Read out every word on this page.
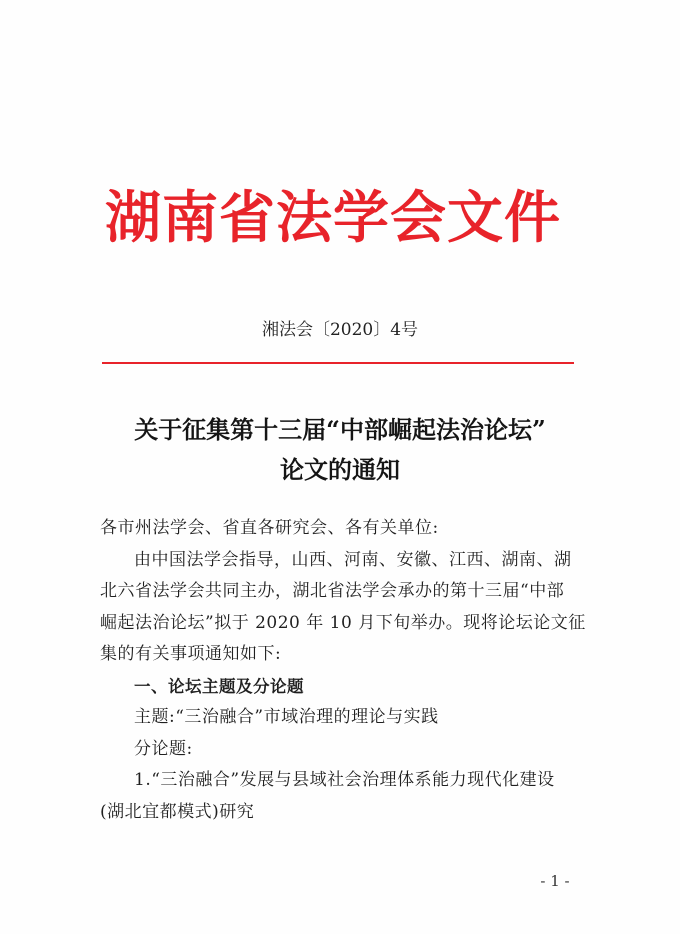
湖南省法学会文件
湘法会〔2020〕4号
关于征集第十三届“中部崛起法治论坛”
论文的通知
各市州法学会、省直各研究会、各有关单位:
由中国法学会指导，山西、河南、安徽、江西、湖南、湖
北六省法学会共同主办，湖北省法学会承办的第十三届“中部
崛起法治论坛”拟于 2020 年 10 月下旬举办。现将论坛论文征
集的有关事项通知如下:
一、论坛主题及分论题
主题:“三治融合”市域治理的理论与实践
分论题:
1.“三治融合”发展与县域社会治理体系能力现代化建设
(湖北宜都模式)研究
- 1 -
